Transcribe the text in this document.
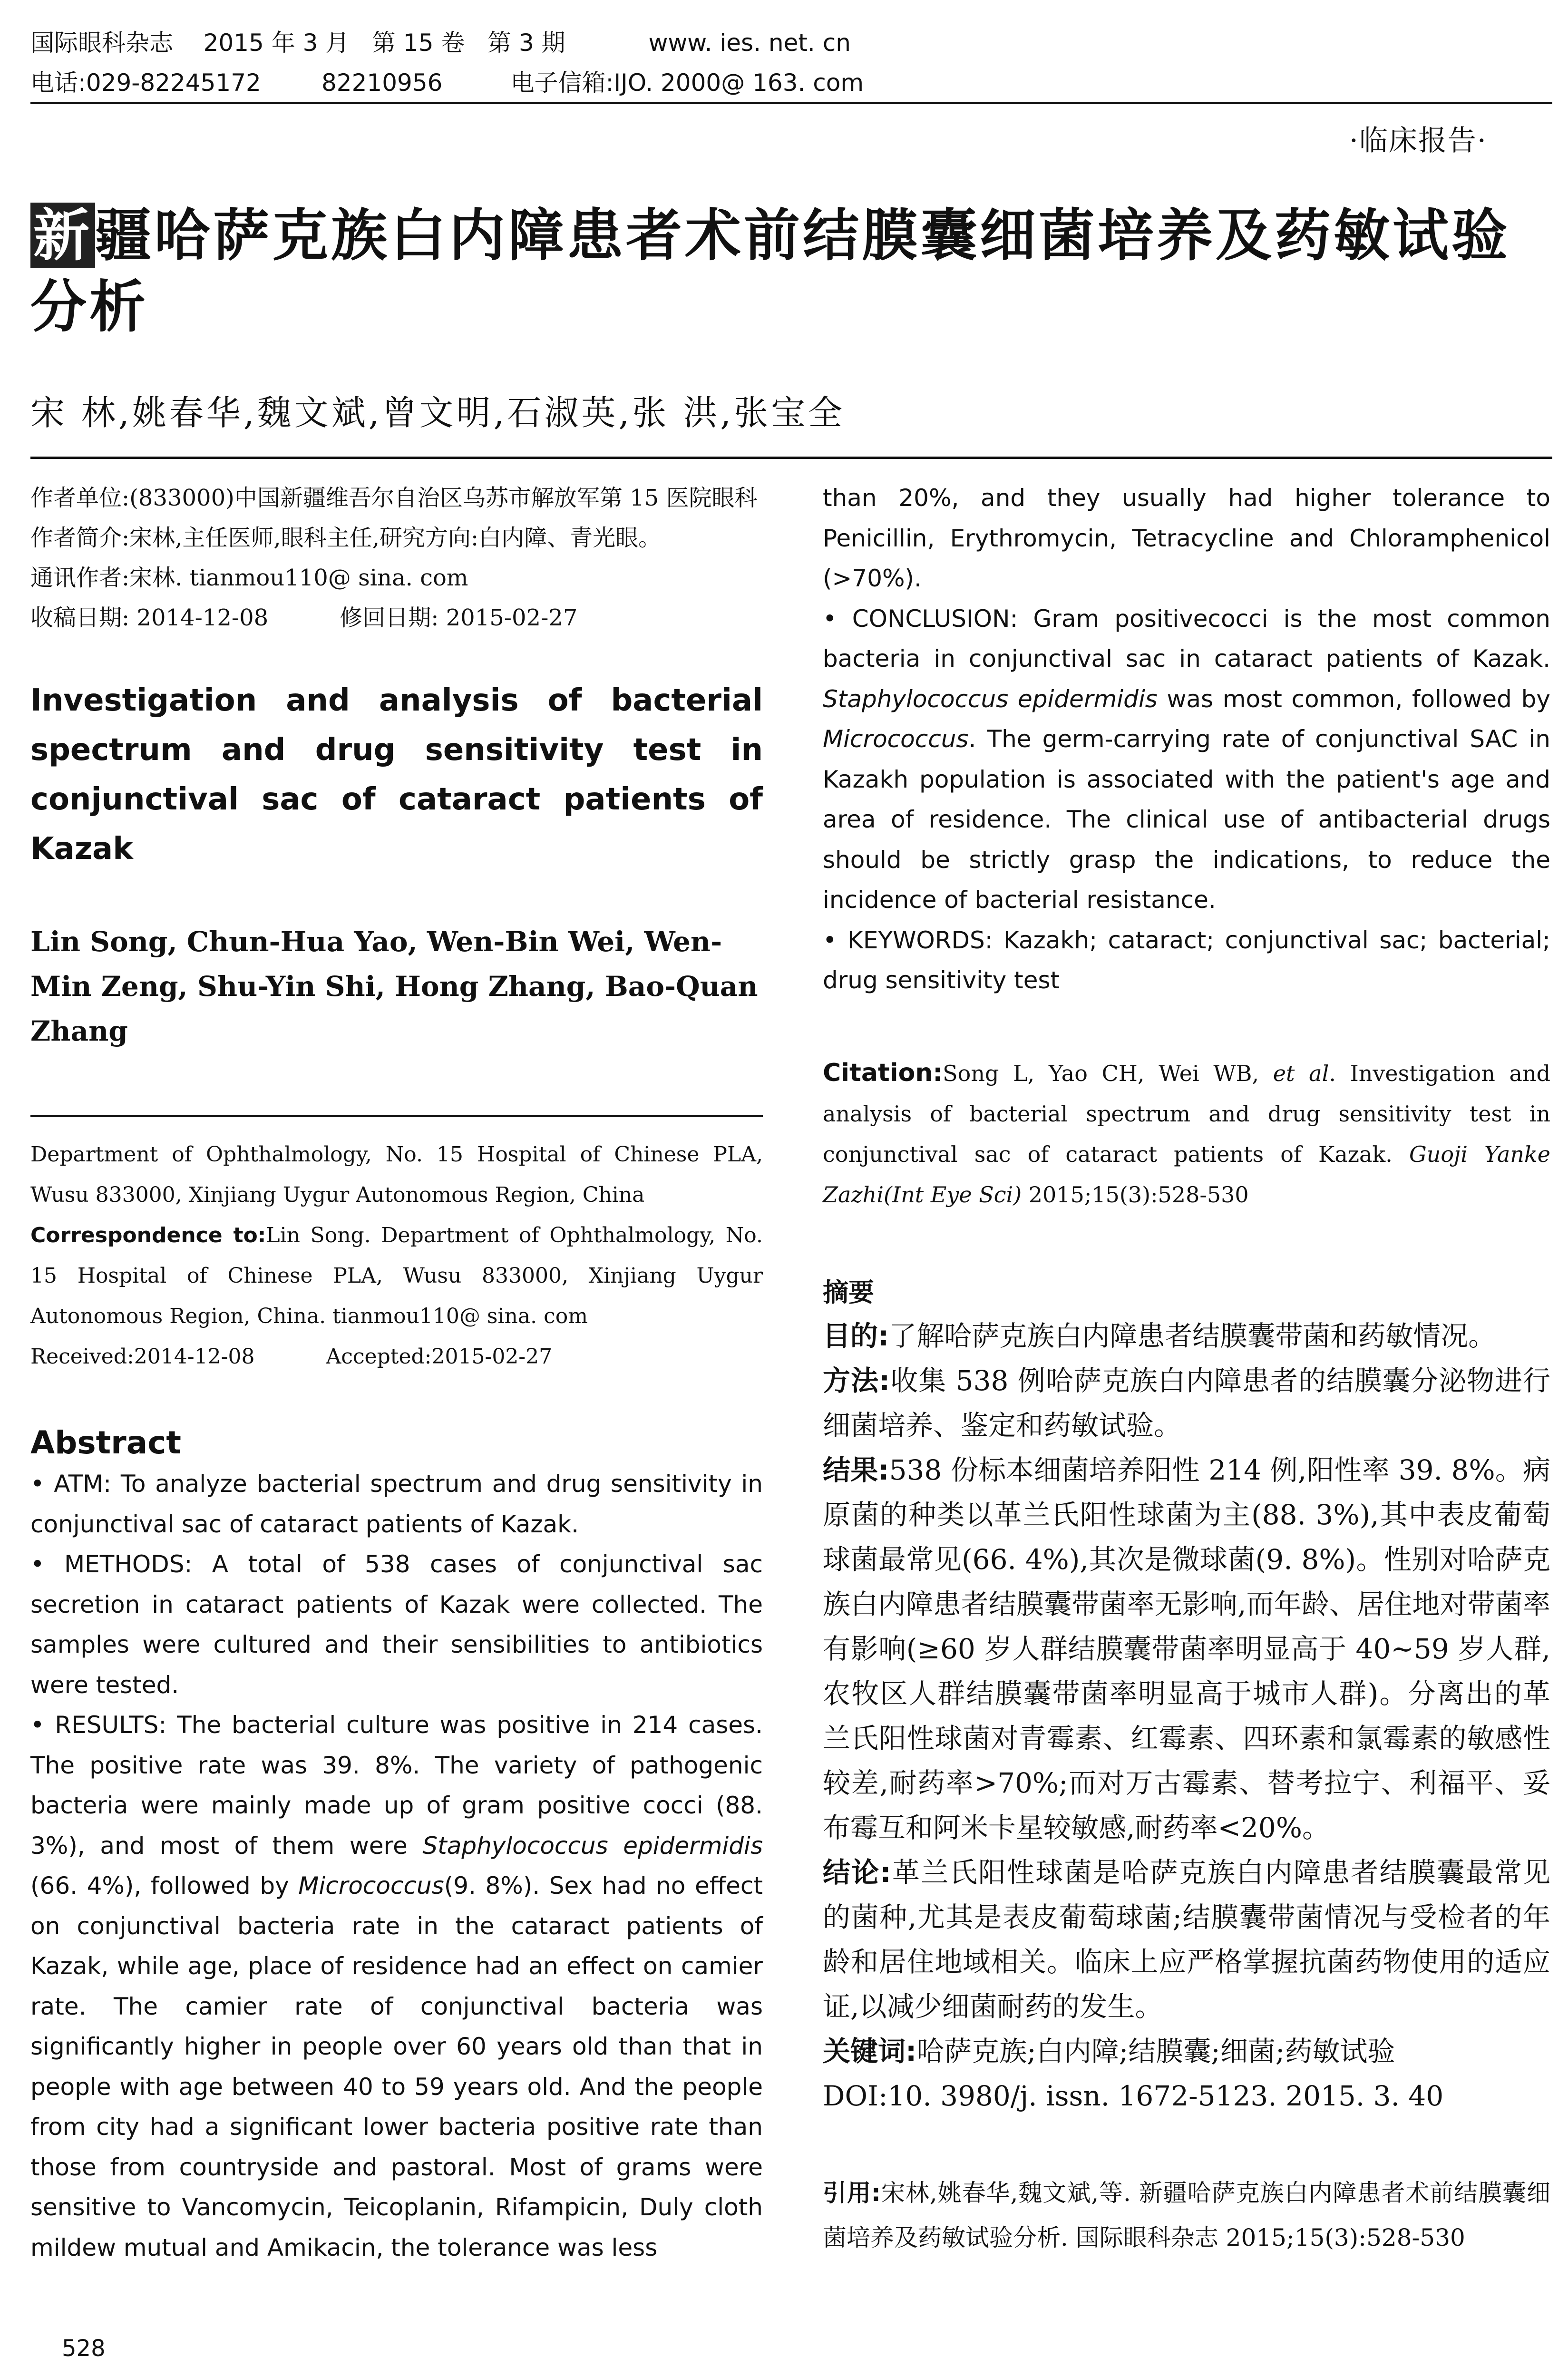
国际眼科杂志    2015 年 3 月   第 15 卷   第 3 期           www. ies. net. cn
电话:029-82245172        82210956         电子信箱:IJO. 2000@ 163. com
·临床报告·
新疆哈萨克族白内障患者术前结膜囊细菌培养及药敏试验分析
宋 林,姚春华,魏文斌,曾文明,石淑英,张 洪,张宝全

作者单位:(833000)中国新疆维吾尔自治区乌苏市解放军第 15 医院眼科

作者简介:宋林,主任医师,眼科主任,研究方向:白内障、青光眼。

通讯作者:宋林. tianmou110@ sina. com

收稿日期: 2014-12-08	修回日期: 2015-02-27

Investigation and analysis of bacterial spectrum and drug sensitivity test in conjunctival sac of cataract patients of Kazak
Lin Song, Chun-Hua Yao, Wen-Bin Wei, Wen-Min Zeng, Shu-Yin Shi, Hong Zhang, Bao-Quan Zhang

Department of Ophthalmology, No. 15 Hospital of Chinese PLA, Wusu 833000, Xinjiang Uygur Autonomous Region, China

Correspondence to:Lin Song. Department of Ophthalmology, No. 15 Hospital of Chinese PLA, Wusu 833000, Xinjiang Uygur Autonomous Region, China. tianmou110@ sina. com

Received:2014-12-08	Accepted:2015-02-27

Abstract

• ATM: To analyze bacterial spectrum and drug sensitivity in conjunctival sac of cataract patients of Kazak.

• METHODS: A total of 538 cases of conjunctival sac secretion in cataract patients of Kazak were collected. The samples were cultured and their sensibilities to antibiotics were tested.

• RESULTS: The bacterial culture was positive in 214 cases. The positive rate was 39. 8%. The variety of pathogenic bacteria were mainly made up of gram positive cocci (88. 3%), and most of them were Staphylococcus epidermidis (66. 4%), followed by Micrococcus(9. 8%). Sex had no effect on conjunctival bacteria rate in the cataract patients of Kazak, while age, place of residence had an effect on camier rate. The camier rate of conjunctival bacteria was significantly higher in people over 60 years old than that in people with age between 40 to 59 years old. And the people from city had a significant lower bacteria positive rate than those from countryside and pastoral. Most of grams were sensitive to Vancomycin, Teicoplanin, Rifampicin, Duly cloth mildew mutual and Amikacin, the tolerance was less

than 20%, and they usually had higher tolerance to Penicillin, Erythromycin, Tetracycline and Chloramphenicol (>70%).

• CONCLUSION: Gram positivecocci is the most common bacteria in conjunctival sac in cataract patients of Kazak. Staphylococcus epidermidis was most common, followed by Micrococcus. The germ-carrying rate of conjunctival SAC in Kazakh population is associated with the patient's age and area of residence. The clinical use of antibacterial drugs should be strictly grasp the indications, to reduce the incidence of bacterial resistance.

• KEYWORDS: Kazakh; cataract; conjunctival sac; bacterial; drug sensitivity test

Citation:Song L, Yao CH, Wei WB, et al. Investigation and analysis of bacterial spectrum and drug sensitivity test in conjunctival sac of cataract patients of Kazak. Guoji Yanke Zazhi(Int Eye Sci) 2015;15(3):528-530
摘要

目的:了解哈萨克族白内障患者结膜囊带菌和药敏情况。

方法:收集 538 例哈萨克族白内障患者的结膜囊分泌物进行细菌培养、鉴定和药敏试验。

结果:538 份标本细菌培养阳性 214 例,阳性率 39. 8%。病原菌的种类以革兰氏阳性球菌为主(88. 3%),其中表皮葡萄球菌最常见(66. 4%),其次是微球菌(9. 8%)。性别对哈萨克族白内障患者结膜囊带菌率无影响,而年龄、居住地对带菌率有影响(≥60 岁人群结膜囊带菌率明显高于 40~59 岁人群,农牧区人群结膜囊带菌率明显高于城市人群)。分离出的革兰氏阳性球菌对青霉素、红霉素、四环素和氯霉素的敏感性较差,耐药率>70%;而对万古霉素、替考拉宁、利福平、妥布霉互和阿米卡星较敏感,耐药率<20%。

结论:革兰氏阳性球菌是哈萨克族白内障患者结膜囊最常见的菌种,尤其是表皮葡萄球菌;结膜囊带菌情况与受检者的年龄和居住地域相关。临床上应严格掌握抗菌药物使用的适应证,以减少细菌耐药的发生。

关键词:哈萨克族;白内障;结膜囊;细菌;药敏试验

DOI:10. 3980/j. issn. 1672-5123. 2015. 3. 40

引用:宋林,姚春华,魏文斌,等. 新疆哈萨克族白内障患者术前结膜囊细菌培养及药敏试验分析. 国际眼科杂志 2015;15(3):528-530
528
